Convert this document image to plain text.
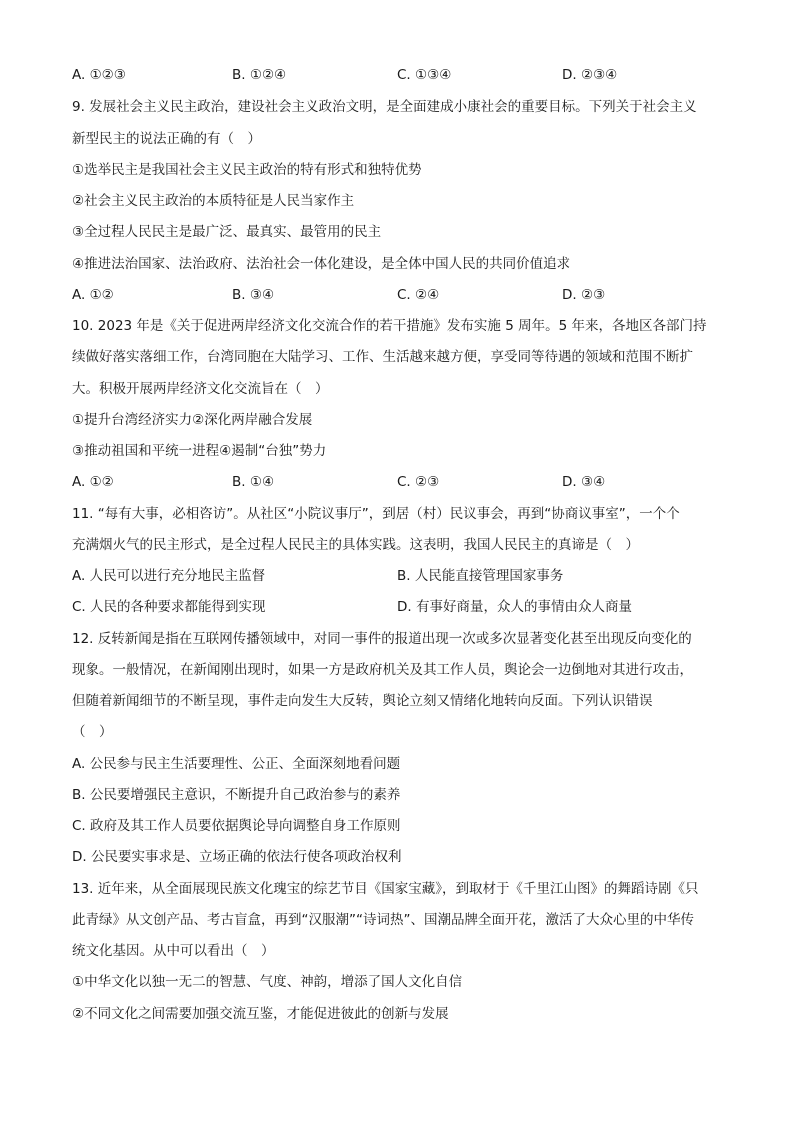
A. ①②③	B. ①②④	C. ①③④	D. ②③④
9. 发展社会主义民主政治，建设社会主义政治文明，是全面建成小康社会的重要目标。下列关于社会主义
新型民主的说法正确的有（　）
①选举民主是我国社会主义民主政治的特有形式和独特优势
②社会主义民主政治的本质特征是人民当家作主
③全过程人民民主是最广泛、最真实、最管用的民主
④推进法治国家、法治政府、法治社会一体化建设，是全体中国人民的共同价值追求
A. ①②	B. ③④	C. ②④	D. ②③
10. 2023 年是《关于促进两岸经济文化交流合作的若干措施》发布实施 5 周年。5 年来，各地区各部门持
续做好落实落细工作，台湾同胞在大陆学习、工作、生活越来越方便，享受同等待遇的领域和范围不断扩
大。积极开展两岸经济文化交流旨在（　）
①提升台湾经济实力②深化两岸融合发展
③推动祖国和平统一进程④遏制“台独”势力
A. ①②	B. ①④	C. ②③	D. ③④
11. “每有大事，必相咨访”。从社区“小院议事厅”，到居（村）民议事会，再到“协商议事室”，一个个
充满烟火气的民主形式，是全过程人民民主的具体实践。这表明，我国人民民主的真谛是（　）
A. 人民可以进行充分地民主监督	B. 人民能直接管理国家事务
C. 人民的各种要求都能得到实现	D. 有事好商量，众人的事情由众人商量
12. 反转新闻是指在互联网传播领域中，对同一事件的报道出现一次或多次显著变化甚至出现反向变化的
现象。一般情况，在新闻刚出现时，如果一方是政府机关及其工作人员，舆论会一边倒地对其进行攻击，
但随着新闻细节的不断呈现，事件走向发生大反转，舆论立刻又情绪化地转向反面。下列认识错误
（　）
A. 公民参与民主生活要理性、公正、全面深刻地看问题
B. 公民要增强民主意识，不断提升自己政治参与的素养
C. 政府及其工作人员要依据舆论导向调整自身工作原则
D. 公民要实事求是、立场正确的依法行使各项政治权利
13. 近年来，从全面展现民族文化瑰宝的综艺节目《国家宝藏》，到取材于《千里江山图》的舞蹈诗剧《只
此青绿》从文创产品、考古盲盒，再到“汉服潮”“诗词热”、国潮品牌全面开花，激活了大众心里的中华传
统文化基因。从中可以看出（　）
①中华文化以独一无二的智慧、气度、神韵，增添了国人文化自信
②不同文化之间需要加强交流互鉴，才能促进彼此的创新与发展
